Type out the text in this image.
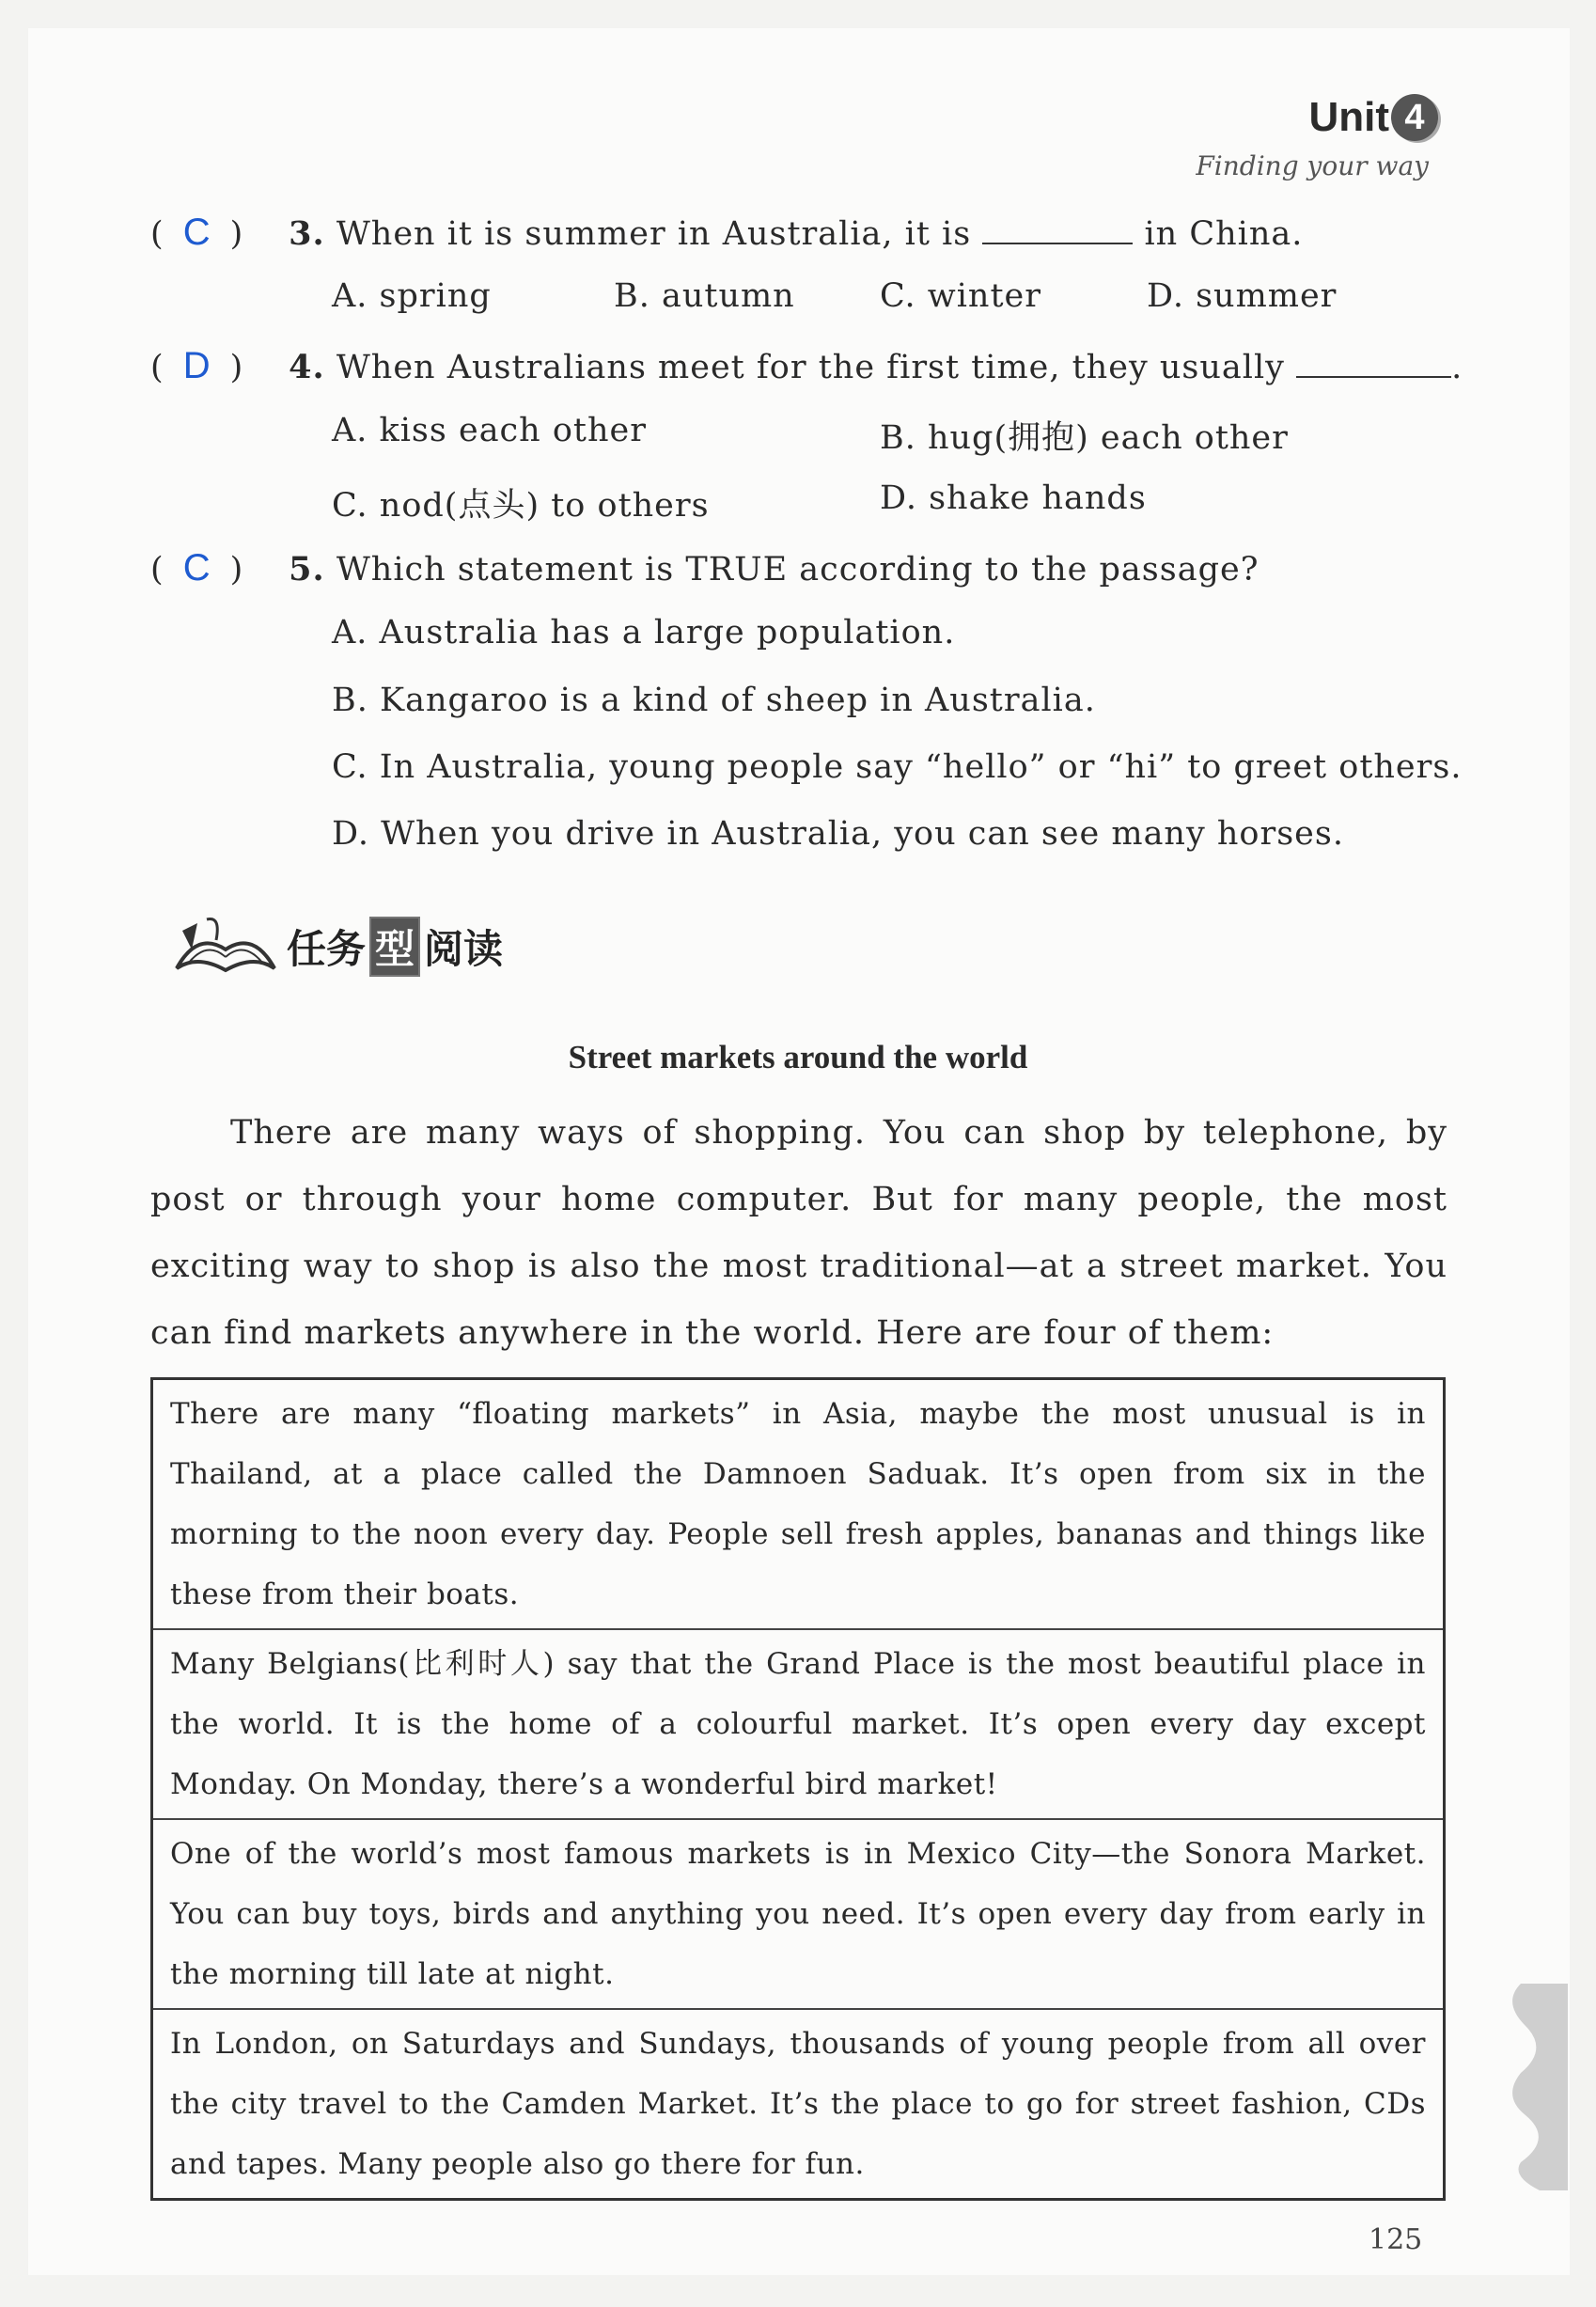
Unit 4
Finding your way
( C ) 3. When it is summer in Australia, it is	in China.
A. spring	B. autumn	C. winter	D. summer
( D ) 4. When Australians meet for the first time, they usually	.
A. kiss each other	B. hug(拥抱) each other
C. nod(点头) to others	D. shake hands
( C ) 5. Which statement is TRUE according to the passage?
A. Australia has a large population.
B. Kangaroo is a kind of sheep in Australia.
C. In Australia, young people say “hello” or “hi” to greet others.
D. When you drive in Australia, you can see many horses.
任务 型 阅读
Street markets around the world
There are many ways of shopping. You can shop by telephone, by post or through your home computer. But for many people, the most exciting way to shop is also the most traditional—at a street market. You can find markets anywhere in the world. Here are four of them:
There are many “floating markets” in Asia, maybe the most unusual is in Thailand, at a place called the Damnoen Saduak. It’s open from six in the morning to the noon every day. People sell fresh apples, bananas and things like these from their boats.
Many Belgians(比利时人) say that the Grand Place is the most beautiful place in the world. It is the home of a colourful market. It’s open every day except Monday. On Monday, there’s a wonderful bird market!
One of the world’s most famous markets is in Mexico City—the Sonora Market. You can buy toys, birds and anything you need. It’s open every day from early in the morning till late at night.
In London, on Saturdays and Sundays, thousands of young people from all over the city travel to the Camden Market. It’s the place to go for street fashion, CDs and tapes. Many people also go there for fun.
125
